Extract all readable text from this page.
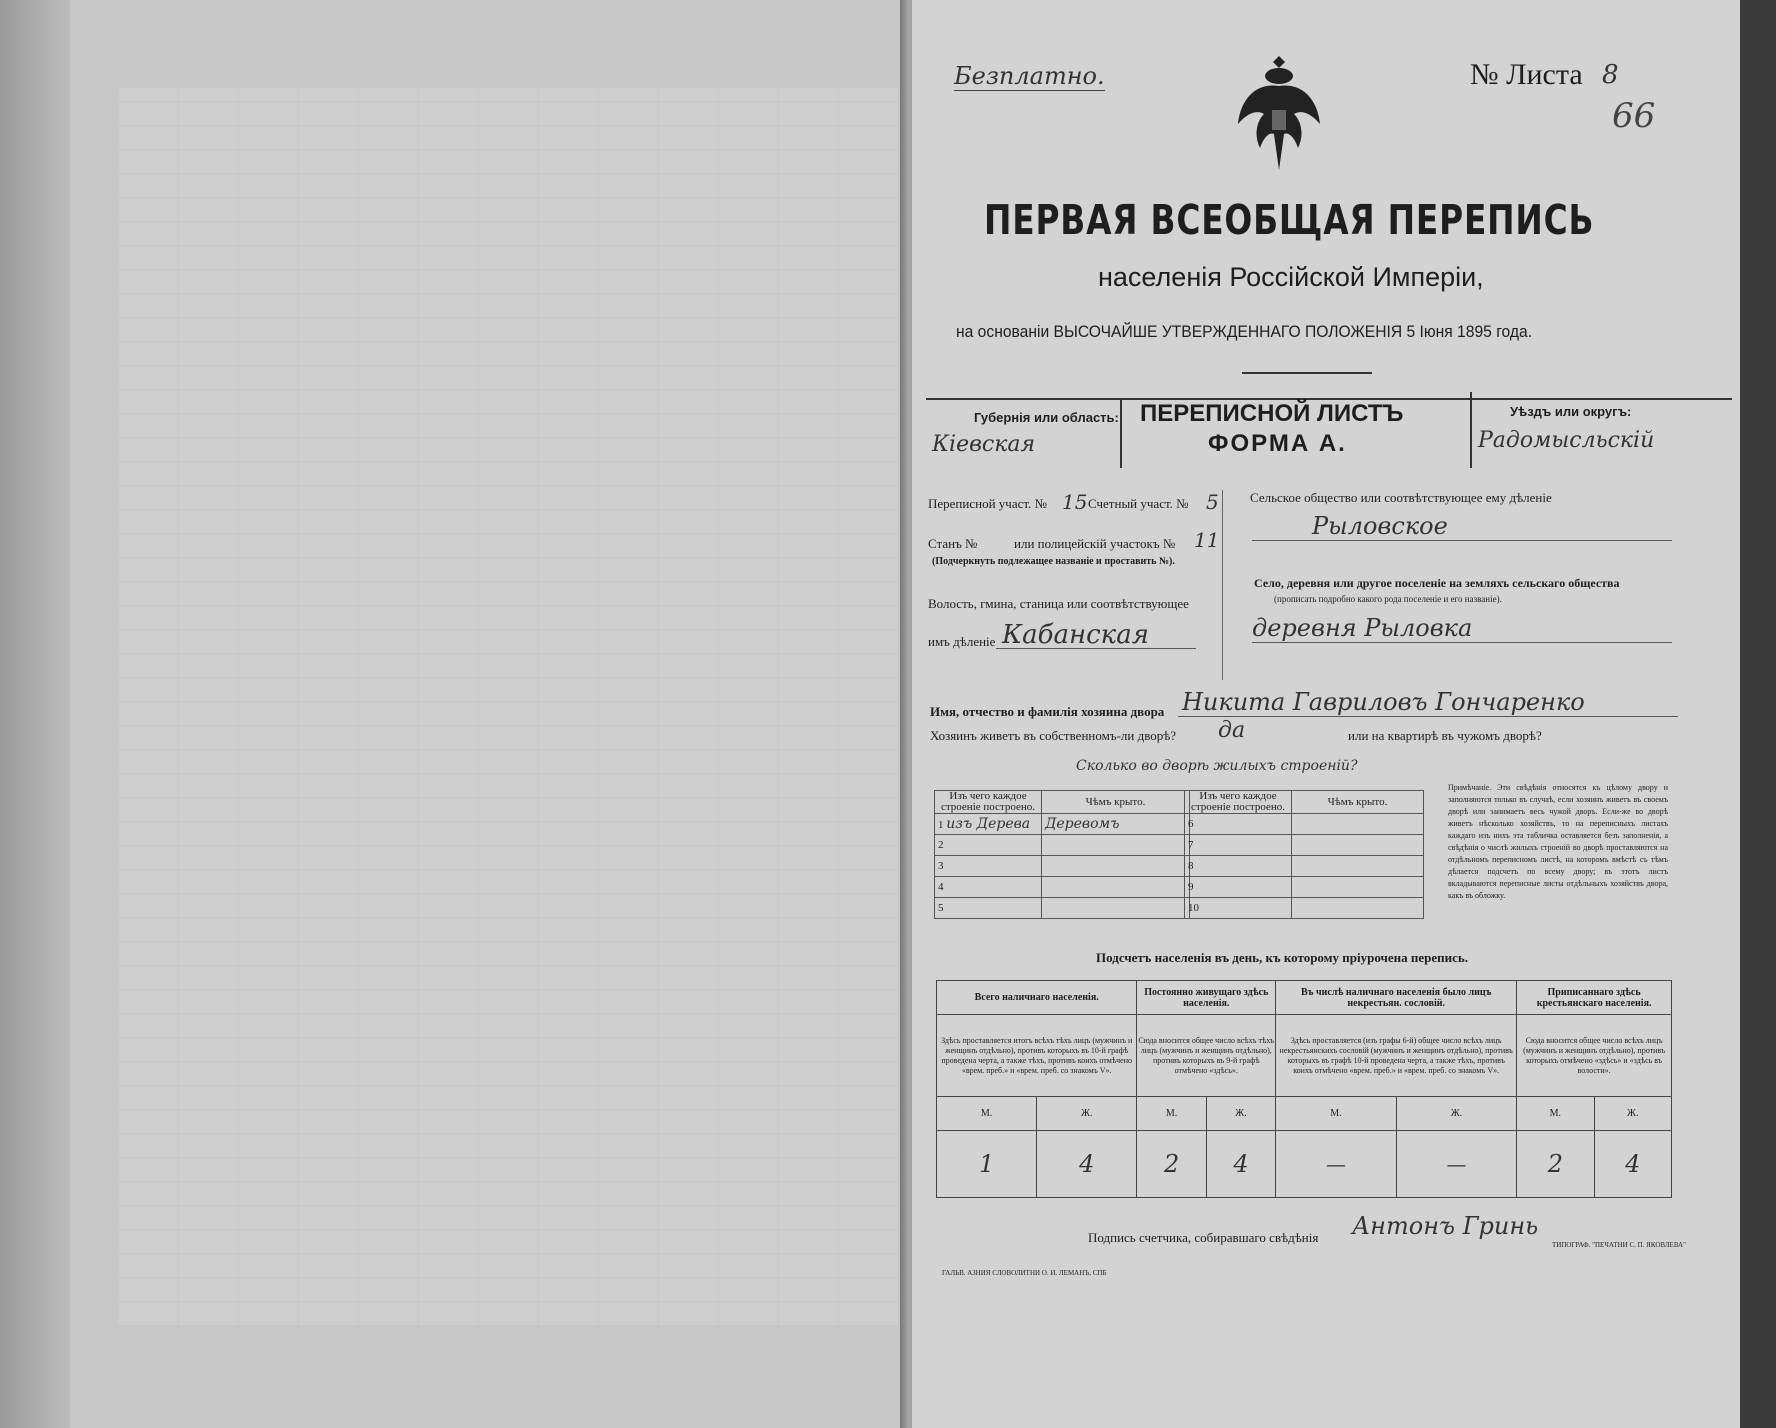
Безплатно.	№ Листа 8
66
ПЕРВАЯ ВСЕОБЩАЯ ПЕРЕПИСЬ
населенія Россійской Имперіи,
на основаніи ВЫСОЧАЙШЕ УТВЕРЖДЕННАГО ПОЛОЖЕНІЯ 5 Іюня 1895 года.
Губернія или область:
Кіевская
ПЕРЕПИСНОЙ ЛИСТЪ
ФОРМА А.
Уѣздъ или округъ:
Радомысльскій
Переписной участ. № 15 Счетный участ. № 5
Станъ №	или полицейскій участокъ № 11
(Подчеркнуть подлежащее названіе и проставить №).
Волость, гмина, станица или соотвѣтствующее
имъ дѣленіе Кабанская
Сельское общество или соотвѣтствующее ему дѣленіе
Рыловское
Село, деревня или другое поселеніе на земляхъ сельскаго общества
(прописать подробно какого рода поселеніе и его названіе).
деревня Рыловка
Имя, отчество и фамилія хозяина двора Никита Гавриловъ Гончаренко
Хозяинъ живетъ въ собственномъ-ли дворѣ? да	или на квартирѣ въ чужомъ дворѣ?
Сколько во дворѣ жилыхъ строеній?
Изъ чего каждое строеніе построено.	Чѣмъ крыто.
1 изъ Дерева	Деревомъ
2	
3	
4	
5	
Изъ чего каждое строеніе построено.	Чѣмъ крыто.
6	
7	
8	
9	
10	
Примѣчаніе. Эти свѣдѣнія относятся къ цѣлому двору и заполняются только въ случаѣ, если хозяинъ живетъ въ своемъ дворѣ или занимаетъ весь чужой дворъ. Если-же во дворѣ живетъ нѣсколько хозяйствъ, то на переписныхъ листахъ каждаго изъ нихъ эта табличка оставляется безъ заполненія, а свѣдѣнія о числѣ жилыхъ строеній во дворѣ проставляются на отдѣльномъ переписномъ листѣ, на которомъ вмѣстѣ съ тѣмъ дѣлается подсчетъ по всему двору; въ этотъ листъ вкладываются переписные листы отдѣльныхъ хозяйствъ двора, какъ въ обложку.
Подсчетъ населенія въ день, къ которому пріурочена перепись.
Всего наличнаго населенія.		Постоянно живущаго здѣсь населенія.		Въ числѣ наличнаго населенія было лицъ некрестьян. сословій.		Приписаннаго здѣсь крестьянскаго населенія.	
Здѣсь проставляется итогъ всѣхъ тѣхъ лицъ (мужчинъ и женщинъ отдѣльно), противъ которыхъ въ 10-й графѣ проведена черта, а также тѣхъ, противъ коихъ отмѣчено «врем. преб.» и «врем. преб. со знакомъ V».		Сюда вносится общее число всѣхъ тѣхъ лицъ (мужчинъ и женщинъ отдѣльно), противъ которыхъ въ 9-й графѣ отмѣчено «здѣсь».		Здѣсь проставляется (изъ графы 6-й) общее число всѣхъ лицъ некрестьянскихъ сословій (мужчинъ и женщинъ отдѣльно), противъ которыхъ въ графѣ 10-й проведена черта, а также тѣхъ, противъ коихъ отмѣчено «врем. преб.» и «врем. преб. со знакомъ V».		Сюда вносится общее число всѣхъ лицъ (мужчинъ и женщинъ отдѣльно), противъ которыхъ отмѣчено «здѣсь» и «здѣсь въ волости».	
М.	Ж.	М.	Ж.	М.	Ж.	М.	Ж.
1	4	2	4	—	—	2	4
Подпись счетчика, собиравшаго свѣдѣнія Антонъ Гринь
ГАЛЬВ. АЗНИЯ СЛОВОЛИТНИ О. И. ЛЕМАНЪ, СПБ
ТИПОГРАФ. "ПЕЧАТНИ С. П. ЯКОВЛЕВА"
